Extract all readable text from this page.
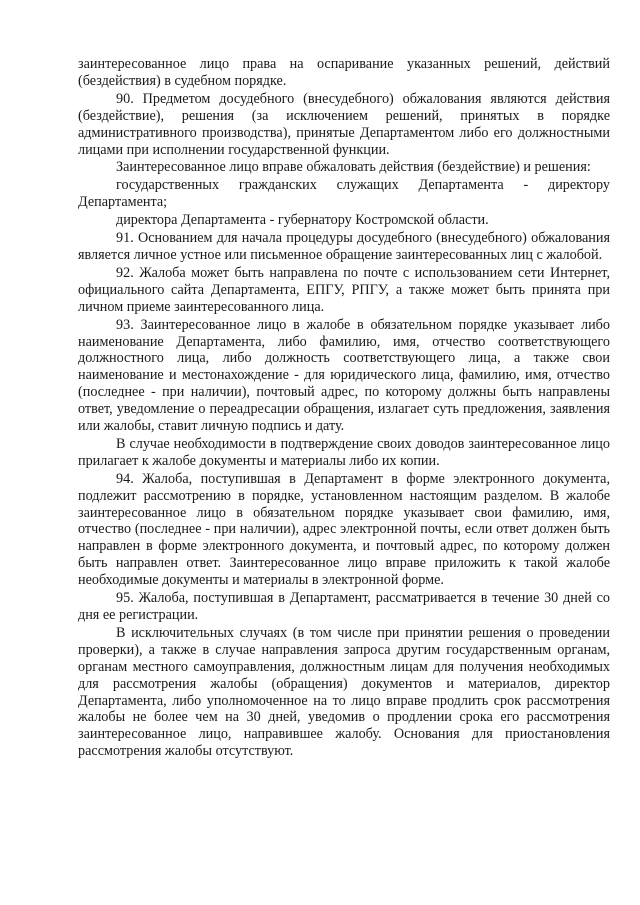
заинтересованное лицо права на оспаривание указанных решений, действий (бездействия) в судебном порядке.

90. Предметом досудебного (внесудебного) обжалования являются действия (бездействие), решения (за исключением решений, принятых в порядке административного производства), принятые Департаментом либо его должностными лицами при исполнении государственной функции.

Заинтересованное лицо вправе обжаловать действия (бездействие) и решения:

государственных гражданских служащих Департамента - директору Департамента;

директора Департамента - губернатору Костромской области.

91. Основанием для начала процедуры досудебного (внесудебного) обжалования является личное устное или письменное обращение заинтересованных лиц с жалобой.

92. Жалоба может быть направлена по почте с использованием сети Интернет, официального сайта Департамента, ЕПГУ, РПГУ, а также может быть принята при личном приеме заинтересованного лица.

93. Заинтересованное лицо в жалобе в обязательном порядке указывает либо наименование Департамента, либо фамилию, имя, отчество соответствующего должностного лица, либо должность соответствующего лица, а также свои наименование и местонахождение - для юридического лица, фамилию, имя, отчество (последнее - при наличии), почтовый адрес, по которому должны быть направлены ответ, уведомление о переадресации обращения, излагает суть предложения, заявления или жалобы, ставит личную подпись и дату.

В случае необходимости в подтверждение своих доводов заинтересованное лицо прилагает к жалобе документы и материалы либо их копии.

94. Жалоба, поступившая в Департамент в форме электронного документа, подлежит рассмотрению в порядке, установленном настоящим разделом. В жалобе заинтересованное лицо в обязательном порядке указывает свои фамилию, имя, отчество (последнее - при наличии), адрес электронной почты, если ответ должен быть направлен в форме электронного документа, и почтовый адрес, по которому должен быть направлен ответ. Заинтересованное лицо вправе приложить к такой жалобе необходимые документы и материалы в электронной форме.

95. Жалоба, поступившая в Департамент, рассматривается в течение 30 дней со дня ее регистрации.

В исключительных случаях (в том числе при принятии решения о проведении проверки), а также в случае направления запроса другим государственным органам, органам местного самоуправления, должностным лицам для получения необходимых для рассмотрения жалобы (обращения) документов и материалов, директор Департамента, либо уполномоченное на то лицо вправе продлить срок рассмотрения жалобы не более чем на 30 дней, уведомив о продлении срока его рассмотрения заинтересованное лицо, направившее жалобу. Основания для приостановления рассмотрения жалобы отсутствуют.
